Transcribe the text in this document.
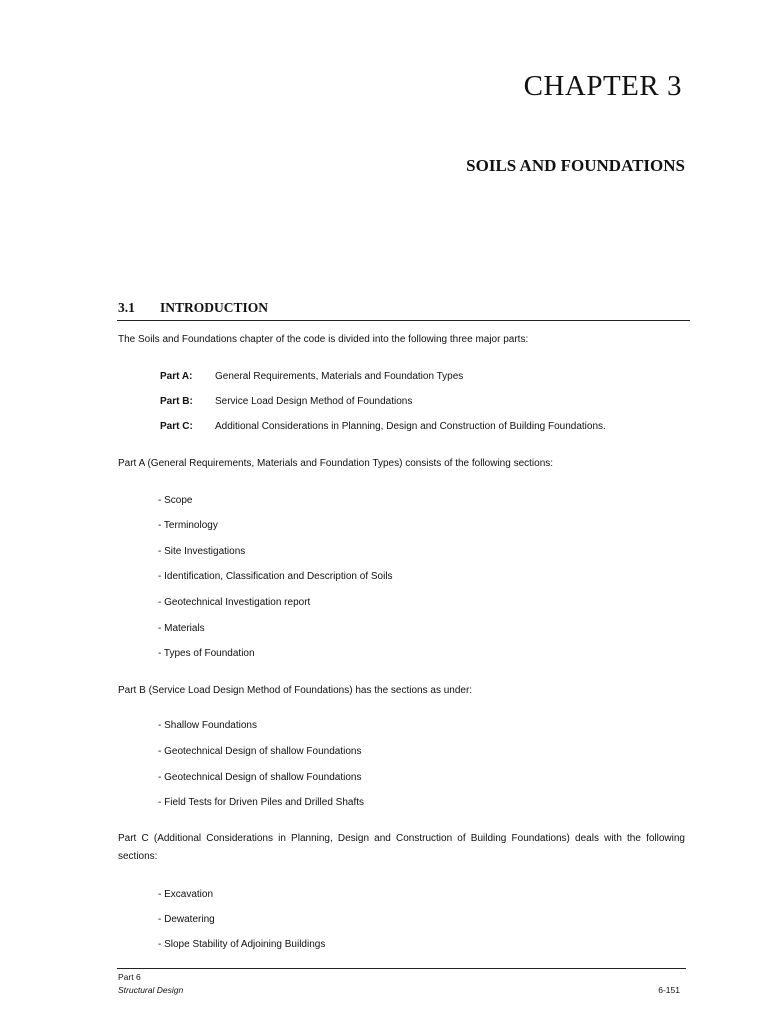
CHAPTER 3
SOILS AND FOUNDATIONS
3.1 INTRODUCTION
The Soils and Foundations chapter of the code is divided into the following three major parts:
Part A: General Requirements, Materials and Foundation Types
Part B: Service Load Design Method of Foundations
Part C: Additional Considerations in Planning, Design and Construction of Building Foundations.
Part A (General Requirements, Materials and Foundation Types) consists of the following sections:
- Scope
- Terminology
- Site Investigations
- Identification, Classification and Description of Soils
- Geotechnical Investigation report
- Materials
- Types of Foundation
Part B (Service Load Design Method of Foundations) has the sections as under:
- Shallow Foundations
- Geotechnical Design of shallow Foundations
- Geotechnical Design of shallow Foundations
- Field Tests for Driven Piles and Drilled Shafts
Part C (Additional Considerations in Planning, Design and Construction of Building Foundations) deals with the following sections:
- Excavation
- Dewatering
- Slope Stability of Adjoining Buildings
Part 6
Structural Design	6-151
